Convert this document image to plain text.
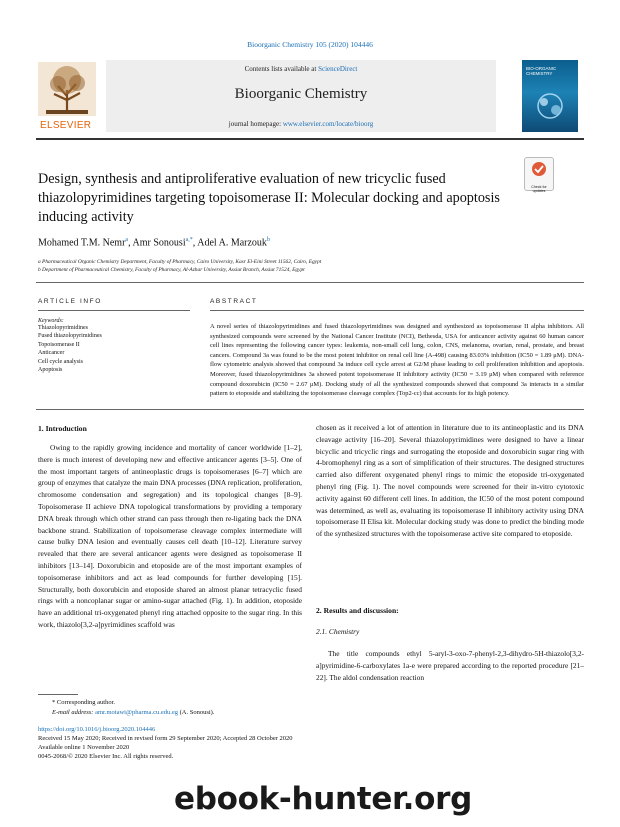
Bioorganic Chemistry 105 (2020) 104446
ELSEVIER
Contents lists available at ScienceDirect
Bioorganic Chemistry
journal homepage: www.elsevier.com/locate/bioorg
BIO-ORGANIC CHEMISTRY
Design, synthesis and antiproliferative evaluation of new tricyclic fused thiazolopyrimidines targeting topoisomerase II: Molecular docking and apoptosis inducing activity
Check for updates
Mohamed T.M. Nemr$^a$, Amr Sonousi$^{a,*}$, Adel A. Marzouk$^b$
a Pharmaceutical Organic Chemistry Department, Faculty of Pharmacy, Cairo University, Kasr El-Eini Street 11562, Cairo, Egypt
b Department of Pharmaceutical Chemistry, Faculty of Pharmacy, Al-Azhar University, Assiut Branch, Assiut 71524, Egypt
ARTICLE INFO
Keywords:
Thiazolopyrimidines
Fused thiazolopyrimidines
Topoisomerase II
Anticancer
Cell cycle analysis
Apoptosis
ABSTRACT
A novel series of thiazolopyrimidines and fused thiazolopyrimidines was designed and synthesized as topoisomerase II alpha inhibitors. All synthesized compounds were screened by the National Cancer Institute (NCI), Bethesda, USA for anticancer activity against 60 human cancer cell lines representing the following cancer types: leukemia, non-small cell lung, colon, CNS, melanoma, ovarian, renal, prostate, and breast cancers. Compound 3a was found to be the most potent inhibitor on renal cell line (A-498) causing 83.03% inhibition (IC50 = 1.89 μM). DNA-flow cytometric analysis showed that compound 3a induce cell cycle arrest at G2/M phase leading to cell proliferation inhibition and apoptosis. Moreover, fused thiazolopyrimidines 3a showed potent topoisomerase II inhibitory activity (IC50 = 3.19 μM) when compared with reference compound doxorubicin (IC50 = 2.67 μM). Docking study of all the synthesized compounds showed that compound 3a interacts in a similar pattern to etoposide and stabilizing the topoisomerase cleavage complex (Top2-cc) that accounts for its high potency.
1. Introduction
Owing to the rapidly growing incidence and mortality of cancer worldwide [1–2], there is much interest of developing new and effective anticancer agents [3–5]. One of the most important targets of antineoplastic drugs is topoisomerases [6–7] which are group of enzymes that catalyze the main DNA processes (DNA replication, proliferation, chromosome condensation and segregation) and its topological changes [8–9]. Topoisomerase II achieve DNA topological transformations by providing a temporary DNA break through which other strand can pass through then re-ligating back the DNA backbone strand. Stabilization of topoisomerase cleavage complex intermediate will cause bulky DNA lesion and eventually causes cell death [10–12]. Literature survey revealed that there are several anticancer agents were designed as topoisomerase II inhibitors [13–14]. Doxorubicin and etoposide are of the most important examples of topoisomerase inhibitors and act as lead compounds for further developing [15]. Structurally, both doxorubicin and etoposide shared an almost planar tetracyclic fused rings with a noncoplanar sugar or amino-sugar attached (Fig. 1). In addition, etoposide have an additional tri-oxygenated phenyl ring attached opposite to the sugar ring. In this work, thiazolo[3,2-a]pyrimidines scaffold was
chosen as it received a lot of attention in literature due to its antineoplastic and its DNA cleavage activity [16–20]. Several thiazolopyrimidines were designed to have a linear bicyclic and tricyclic rings and surrogating the etoposide and doxorubicin sugar ring with 4-bromophenyl ring as a sort of simplification of their structures. The designed structures carried also different oxygenated phenyl rings to mimic the etoposide tri-oxygenated phenyl ring (Fig. 1). The novel compounds were screened for their in-vitro cytotoxic activity against 60 different cell lines. In addition, the IC50 of the most potent compound was determined, as well as, evaluating its topoisomerase II inhibitory activity using DNA topoisomerase II Elisa kit. Molecular docking study was done to predict the binding mode of the synthesized structures with the topoisomerase active site compared to etoposide.
2. Results and discussion:
2.1. Chemistry
The title compounds ethyl 5-aryl-3-oxo-7-phenyl-2,3-dihydro-5H-thiazolo[3,2-a]pyrimidine-6-carboxylates 1a-e were prepared according to the reported procedure [21–22]. The aldol condensation reaction
* Corresponding author.
E-mail address: amr.motawi@pharma.cu.edu.eg (A. Sonousi).
https://doi.org/10.1016/j.bioorg.2020.104446
Received 15 May 2020; Received in revised form 29 September 2020; Accepted 28 October 2020
Available online 1 November 2020
0045-2068/© 2020 Elsevier Inc. All rights reserved.
ebook-hunter.org
